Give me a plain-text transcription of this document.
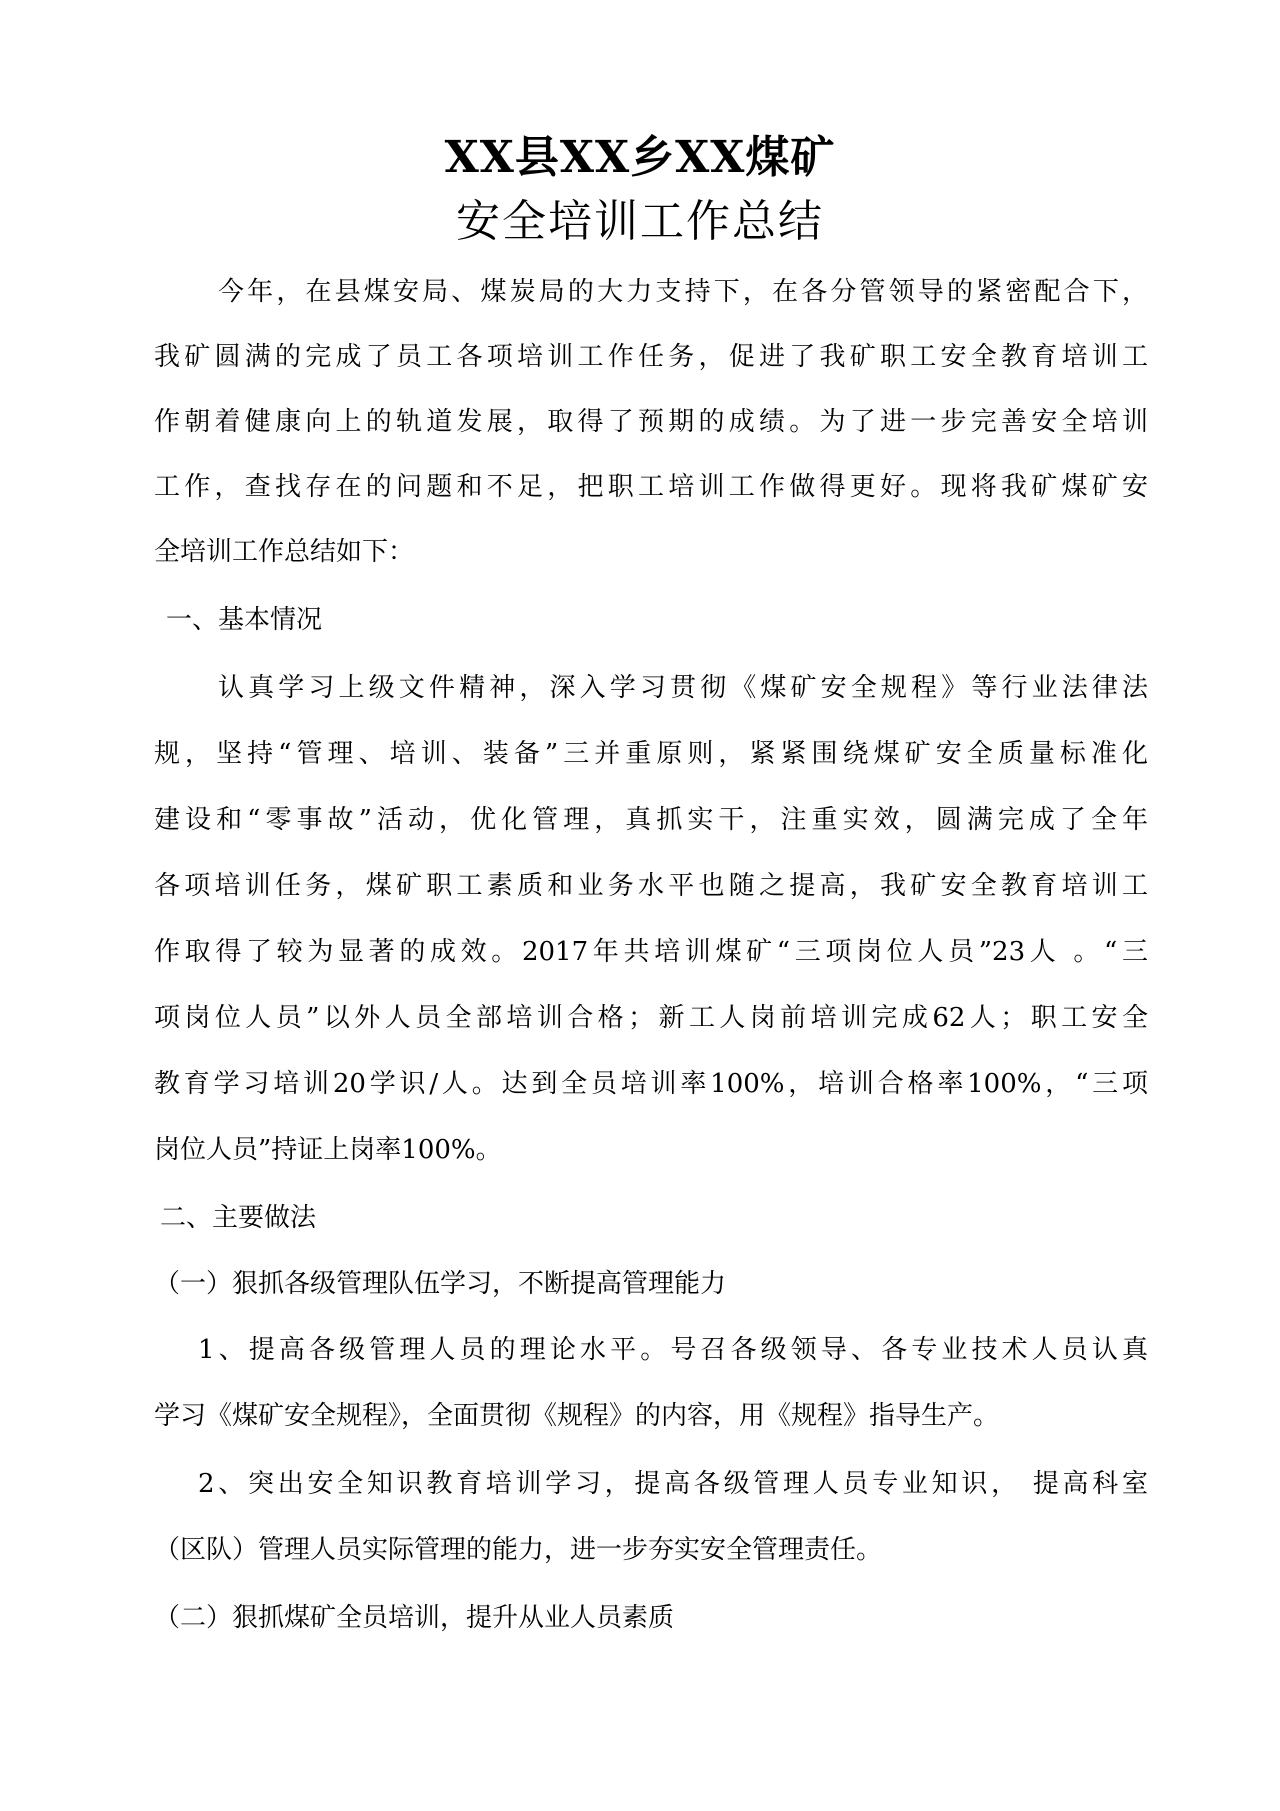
XX县XX乡XX煤矿
安全培训工作总结
今年，在县煤安局、煤炭局的大力支持下，在各分管领导的紧密配合下，
我矿圆满的完成了员工各项培训工作任务，促进了我矿职工安全教育培训工
作朝着健康向上的轨道发展，取得了预期的成绩。为了进一步完善安全培训
工作，查找存在的问题和不足，把职工培训工作做得更好。现将我矿煤矿安
全培训工作总结如下：
一、基本情况
认真学习上级文件精神，深入学习贯彻《煤矿安全规程》等行业法律法
规，坚持“管理、培训、装备”三并重原则，紧紧围绕煤矿安全质量标准化
建设和“零事故”活动，优化管理，真抓实干，注重实效，圆满完成了全年
各项培训任务，煤矿职工素质和业务水平也随之提高，我矿安全教育培训工
作取得了较为显著的成效。2017年共培训煤矿“三项岗位人员”23人 。“三
项岗位人员”以外人员全部培训合格；新工人岗前培训完成62人；职工安全
教育学习培训20学识/人。达到全员培训率100%，培训合格率100%，“三项
岗位人员”持证上岗率100%。
二、主要做法
（一）狠抓各级管理队伍学习，不断提高管理能力
1、提高各级管理人员的理论水平。号召各级领导、各专业技术人员认真
学习《煤矿安全规程》，全面贯彻《规程》的内容，用《规程》指导生产。
2、突出安全知识教育培训学习，提高各级管理人员专业知识， 提高科室
（区队）管理人员实际管理的能力，进一步夯实安全管理责任。
（二）狠抓煤矿全员培训，提升从业人员素质
